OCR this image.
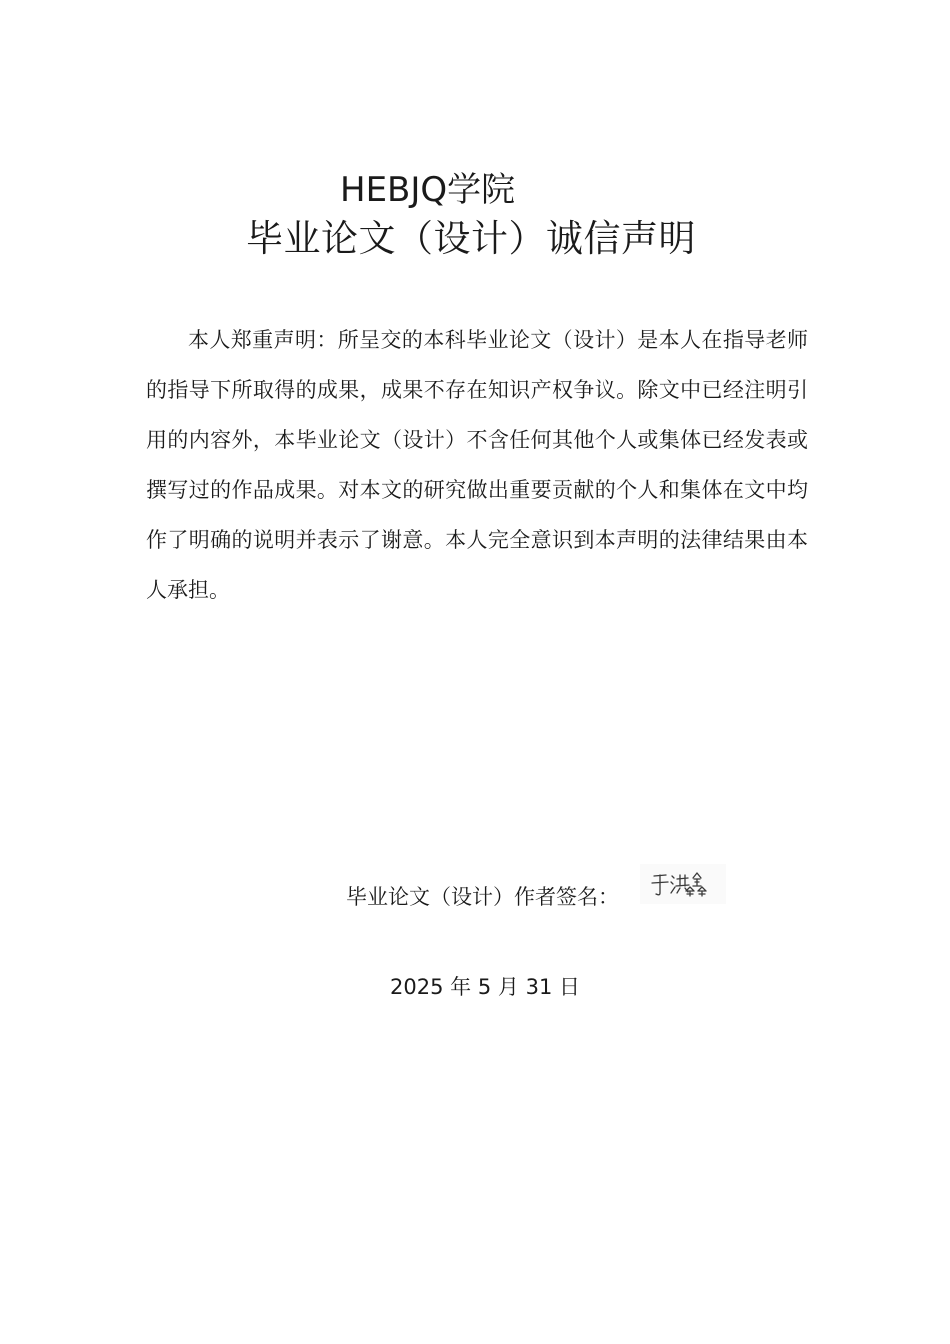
HEBJQ学院
毕业论文（设计）诚信声明

本人郑重声明：所呈交的本科毕业论文（设计）是本人在指导老师的指导下所取得的成果，成果不存在知识产权争议。除文中已经注明引用的内容外，本毕业论文（设计）不含任何其他个人或集体已经发表或撰写过的作品成果。对本文的研究做出重要贡献的个人和集体在文中均作了明确的说明并表示了谢意。本人完全意识到本声明的法律结果由本人承担。

毕业论文（设计）作者签名：
2025 年 5 月 31 日
